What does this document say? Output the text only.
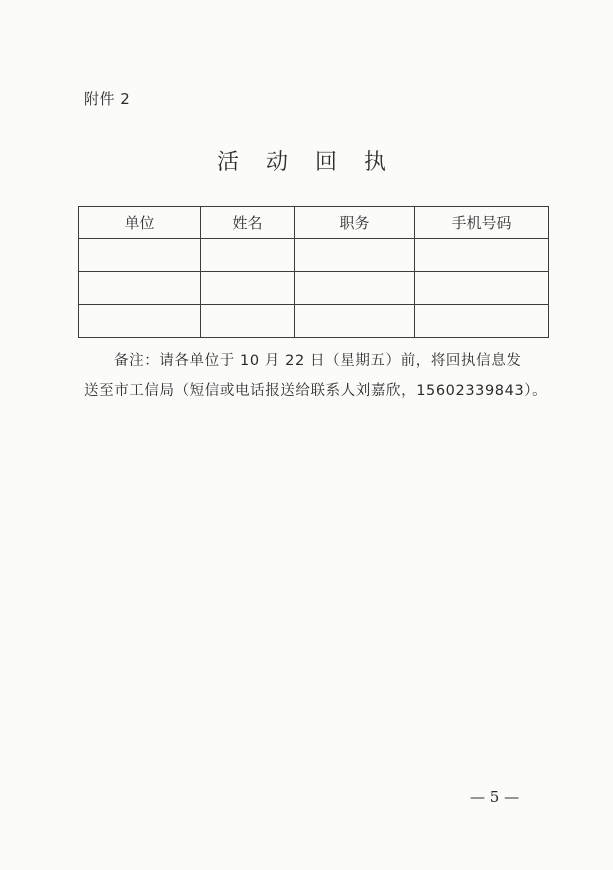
附件 2
活 动 回 执
单位	姓名	职务	手机号码

备注：请各单位于 10 月 22 日（星期五）前，将回执信息发
送至市工信局（短信或电话报送给联系人刘嘉欣，15602339843）。
— 5 —
